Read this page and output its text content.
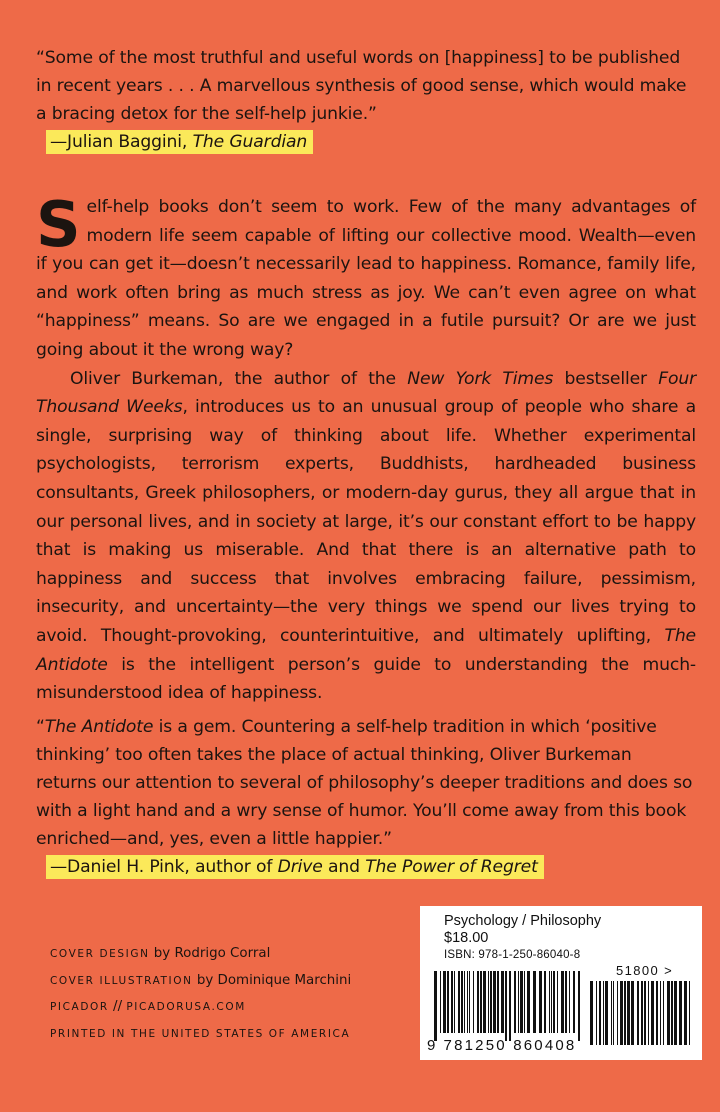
“Some of the most truthful and useful words on [happiness] to be published in recent years . . . A marvellous synthesis of good sense, which would make a bracing detox for the self-help junkie.”
—Julian Baggini, The Guardian

Self-help books don’t seem to work. Few of the many advantages of modern life seem capable of lifting our collective mood. Wealth—even if you can get it—doesn’t necessarily lead to happiness. Romance, family life, and work often bring as much stress as joy. We can’t even agree on what “happiness” means. So are we engaged in a futile pursuit? Or are we just going about it the wrong way?

Oliver Burkeman, the author of the New York Times bestseller Four Thousand Weeks, introduces us to an unusual group of people who share a single, surprising way of thinking about life. Whether experimental psychologists, terrorism experts, Buddhists, hardheaded business consultants, Greek philosophers, or modern-day gurus, they all argue that in our personal lives, and in society at large, it’s our constant effort to be happy that is making us miserable. And that there is an alternative path to happiness and success that involves embracing failure, pessimism, insecurity, and uncertainty—the very things we spend our lives trying to avoid. Thought-provoking, counterintuitive, and ultimately uplifting, The Antidote is the intelligent person’s guide to understanding the much-misunderstood idea of happiness.

“The Antidote is a gem. Countering a self-help tradition in which ‘positive thinking’ too often takes the place of actual thinking, Oliver Burkeman returns our attention to several of philosophy’s deeper traditions and does so with a light hand and a wry sense of humor. You’ll come away from this book enriched—and, yes, even a little happier.”
—Daniel H. Pink, author of Drive and The Power of Regret
COVER DESIGN by Rodrigo Corral
COVER ILLUSTRATION by Dominique Marchini
PICADOR // PICADORUSA.COM
PRINTED IN THE UNITED STATES OF AMERICA
Psychology / Philosophy
$18.00
ISBN: 978-1-250-86040-8
51800 >
9 781250 860408
